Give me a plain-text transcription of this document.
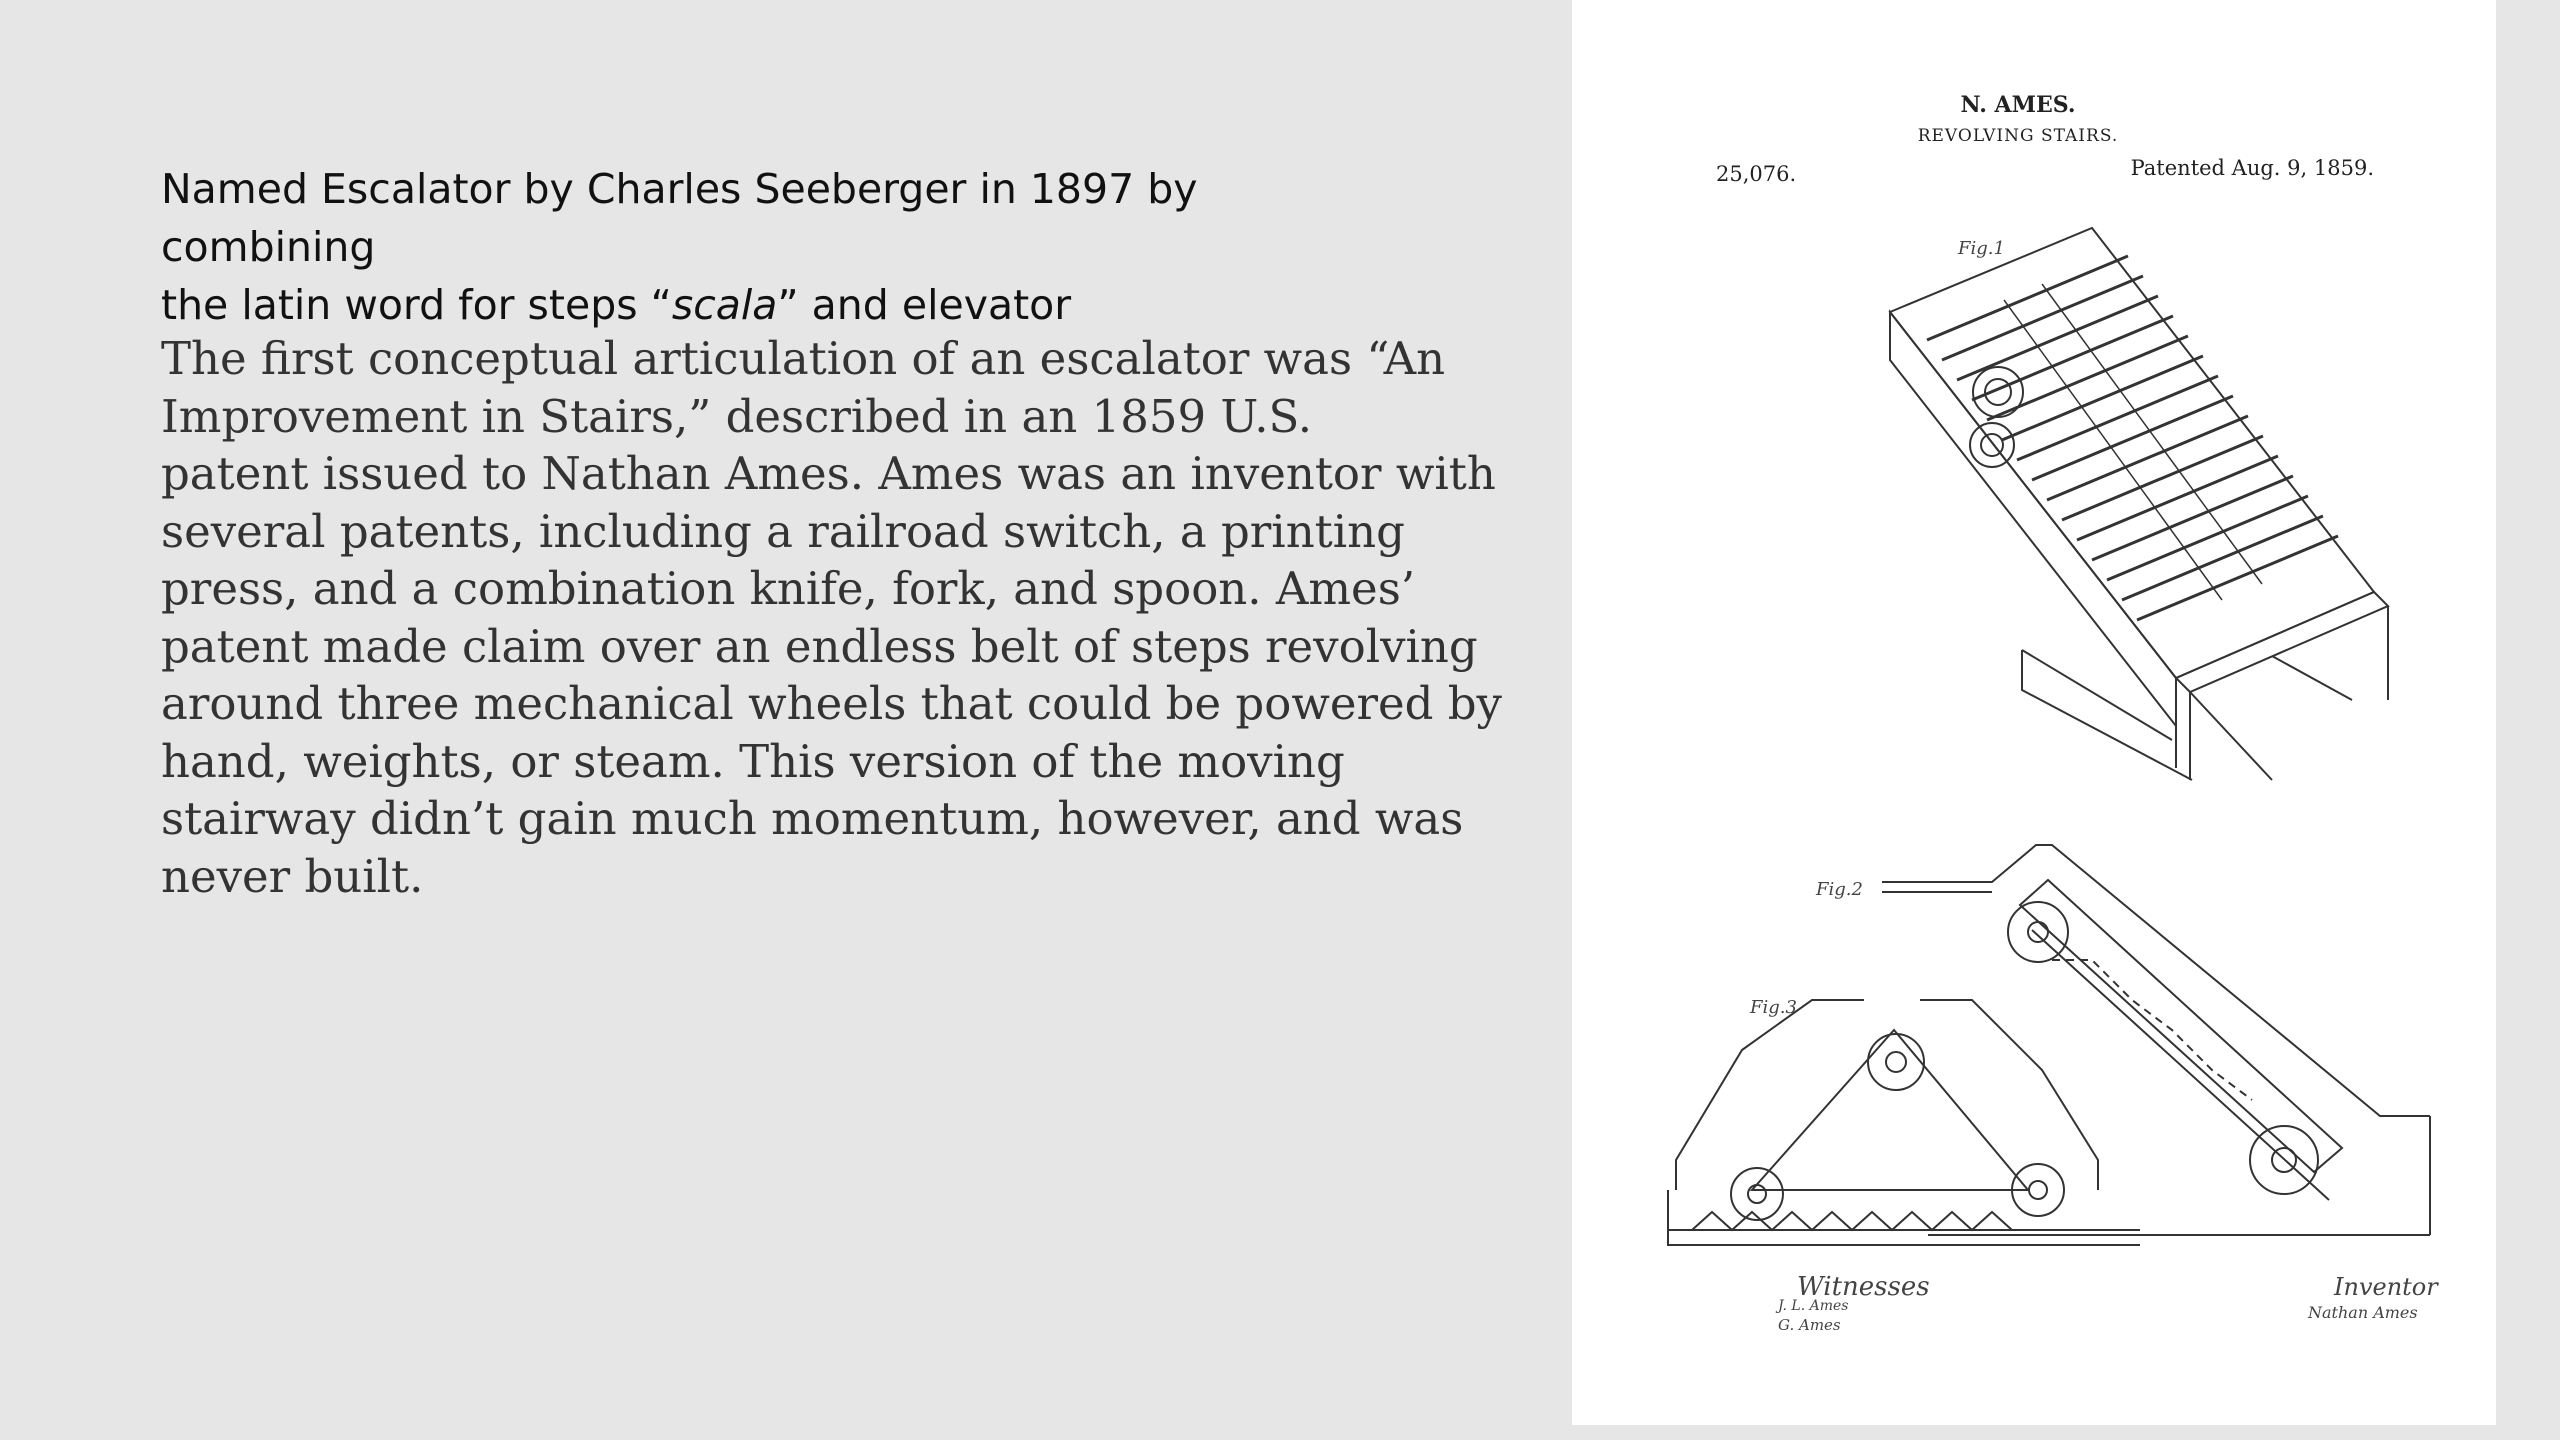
Named Escalator by Charles Seeberger in 1897 by combining
the latin word for steps “scala” and elevator

The first conceptual articulation of an escalator was “An
Improvement in Stairs,” described in an 1859 U.S.
patent issued to Nathan Ames. Ames was an inventor with
several patents, including a railroad switch, a printing
press, and a combination knife, fork, and spoon. Ames’
patent made claim over an endless belt of steps revolving
around three mechanical wheels that could be powered by
hand, weights, or steam. This version of the moving
stairway didn’t gain much momentum, however, and was
never built.

N. AMES.
REVOLVING STAIRS.
25,076.	Patented Aug. 9, 1859.
Fig.1
Fig.2
Fig.3
Witnesses
J. L. Ames
G. Ames
Inventor
Nathan Ames
